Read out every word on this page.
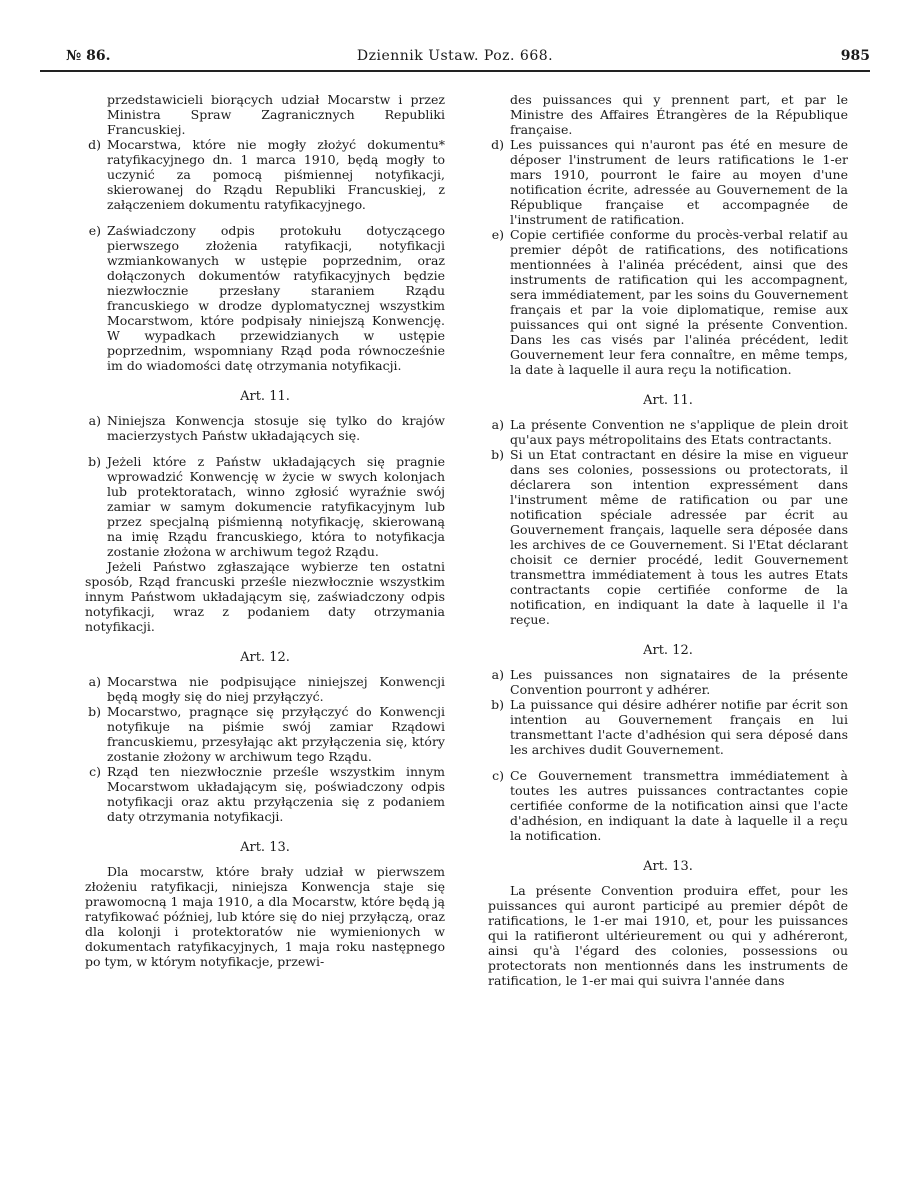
№ 86.	Dziennik Ustaw. Poz. 668.	985

przedstawicieli biorących udział Mocarstw i przez Ministra Spraw Zagranicznych Republiki Francuskiej.

d) Mocarstwa, które nie mogły złożyć dokumentu* ratyfikacyjnego dn. 1 marca 1910, będą mogły to uczynić za pomocą piśmiennej notyfikacji, skierowanej do Rządu Republiki Francuskiej, z załączeniem dokumentu ratyfikacyjnego.
e) Zaświadczony odpis protokułu dotyczącego pierwszego złożenia ratyfikacji, notyfikacji wzmiankowanych w ustępie poprzednim, oraz dołączonych dokumentów ratyfikacyjnych będzie niezwłocznie przesłany staraniem Rządu francuskiego w drodze dyplomatycznej wszystkim Mocarstwom, które podpisały niniejszą Konwencję. W wypadkach przewidzianych w ustępie poprzednim, wspomniany Rząd poda równocześnie im do wiadomości datę otrzymania notyfikacji.
Art. 11.
a) Niniejsza Konwencja stosuje się tylko do krajów macierzystych Państw układających się.
b) Jeżeli które z Państw układających się pragnie wprowadzić Konwencję w życie w swych kolonjach lub protektoratach, winno zgłosić wyraźnie swój zamiar w samym dokumencie ratyfikacyjnym lub przez specjalną piśmienną notyfikację, skierowaną na imię Rządu francuskiego, która to notyfikacja zostanie złożona w archiwum tegoż Rządu.

Jeżeli Państwo zgłaszające wybierze ten ostatni sposób, Rząd francuski prześle niezwłocznie wszystkim innym Państwom układającym się, zaświadczony odpis notyfikacji, wraz z podaniem daty otrzymania notyfikacji.

Art. 12.
a) Mocarstwa nie podpisujące niniejszej Konwencji będą mogły się do niej przyłączyć.
b) Mocarstwo, pragnące się przyłączyć do Konwencji notyfikuje na piśmie swój zamiar Rządowi francuskiemu, przesyłając akt przyłączenia się, który zostanie złożony w archiwum tego Rządu.
c) Rząd ten niezwłocznie prześle wszystkim innym Mocarstwom układającym się, poświadczony odpis notyfikacji oraz aktu przyłączenia się z podaniem daty otrzymania notyfikacji.
Art. 13.

Dla mocarstw, które brały udział w pierwszem złożeniu ratyfikacji, niniejsza Konwencja staje się prawomocną 1 maja 1910, a dla Mocarstw, które będą ją ratyfikować później, lub które się do niej przyłączą, oraz dla kolonji i protektoratów nie wymienionych w dokumentach ratyfikacyjnych, 1 maja roku następnego po tym, w którym notyfikacje, przewi-

des puissances qui y prennent part, et par le Ministre des Affaires Étrangères de la République française.

d) Les puissances qui n'auront pas été en mesure de déposer l'instrument de leurs ratifications le 1-er mars 1910, pourront le faire au moyen d'une notification écrite, adressée au Gouvernement de la République française et accompagnée de l'instrument de ratification.
e) Copie certifiée conforme du procès-verbal relatif au premier dépôt de ratifications, des notifications mentionnées à l'alinéa précédent, ainsi que des instruments de ratification qui les accompagnent, sera immédiatement, par les soins du Gouvernement français et par la voie diplomatique, remise aux puissances qui ont signé la présente Convention. Dans les cas visés par l'alinéa précédent, ledit Gouvernement leur fera connaître, en même temps, la date à laquelle il aura reçu la notification.
Art. 11.
a) La présente Convention ne s'applique de plein droit qu'aux pays métropolitains des Etats contractants.
b) Si un Etat contractant en désire la mise en vigueur dans ses colonies, possessions ou protectorats, il déclarera son intention expressément dans l'instrument même de ratification ou par une notification spéciale adressée par écrit au Gouvernement français, laquelle sera déposée dans les archives de ce Gouvernement. Si l'Etat déclarant choisit ce dernier procédé, ledit Gouvernement transmettra immédiatement à tous les autres Etats contractants copie certifiée conforme de la notification, en indiquant la date à laquelle il l'a reçue.
Art. 12.
a) Les puissances non signataires de la présente Convention pourront y adhérer.
b) La puissance qui désire adhérer notifie par écrit son intention au Gouvernement français en lui transmettant l'acte d'adhésion qui sera déposé dans les archives dudit Gouvernement.
c) Ce Gouvernement transmettra immédiatement à toutes les autres puissances contractantes copie certifiée conforme de la notification ainsi que l'acte d'adhésion, en indiquant la date à laquelle il a reçu la notification.
Art. 13.

La présente Convention produira effet, pour les puissances qui auront participé au premier dépôt de ratifications, le 1-er mai 1910, et, pour les puissances qui la ratifieront ultérieurement ou qui y adhéreront, ainsi qu'à l'égard des colonies, possessions ou protectorats non mentionnés dans les instruments de ratification, le 1-er mai qui suivra l'année dans
